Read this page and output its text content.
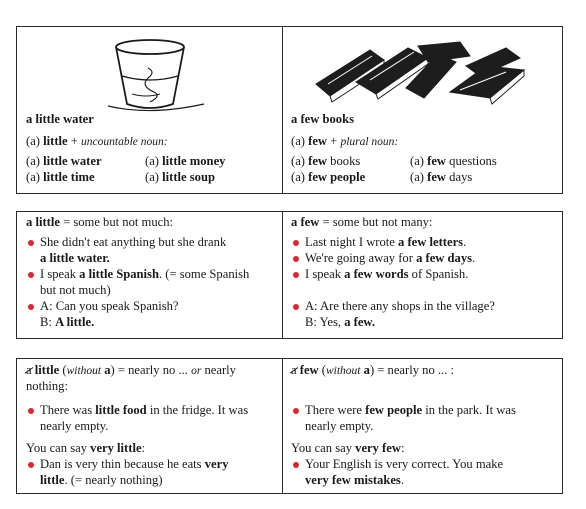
a little water
(a) little + uncountable noun:
(a) little water	(a) little money
(a) little time	(a) little soup
a few books
(a) few + plural noun:
(a) few books	(a) few questions
(a) few people	(a) few days
a little = some but not much:
She didn't eat anything but she drank
a little water.
I speak a little Spanish. (= some Spanish
but not much)
A: Can you speak Spanish?
B: A little.
a few = some but not many:
Last night I wrote a few letters.
We're going away for a few days.
I speak a few words of Spanish.
A: Are there any shops in the village?
B: Yes, a few.
a little (without a) = nearly no ... or nearly
nothing:
There was little food in the fridge. It was
nearly empty.
You can say very little:
Dan is very thin because he eats very
little. (= nearly nothing)
a few (without a) = nearly no ... :
There were few people in the park. It was
nearly empty.
You can say very few:
Your English is very correct. You make
very few mistakes.
